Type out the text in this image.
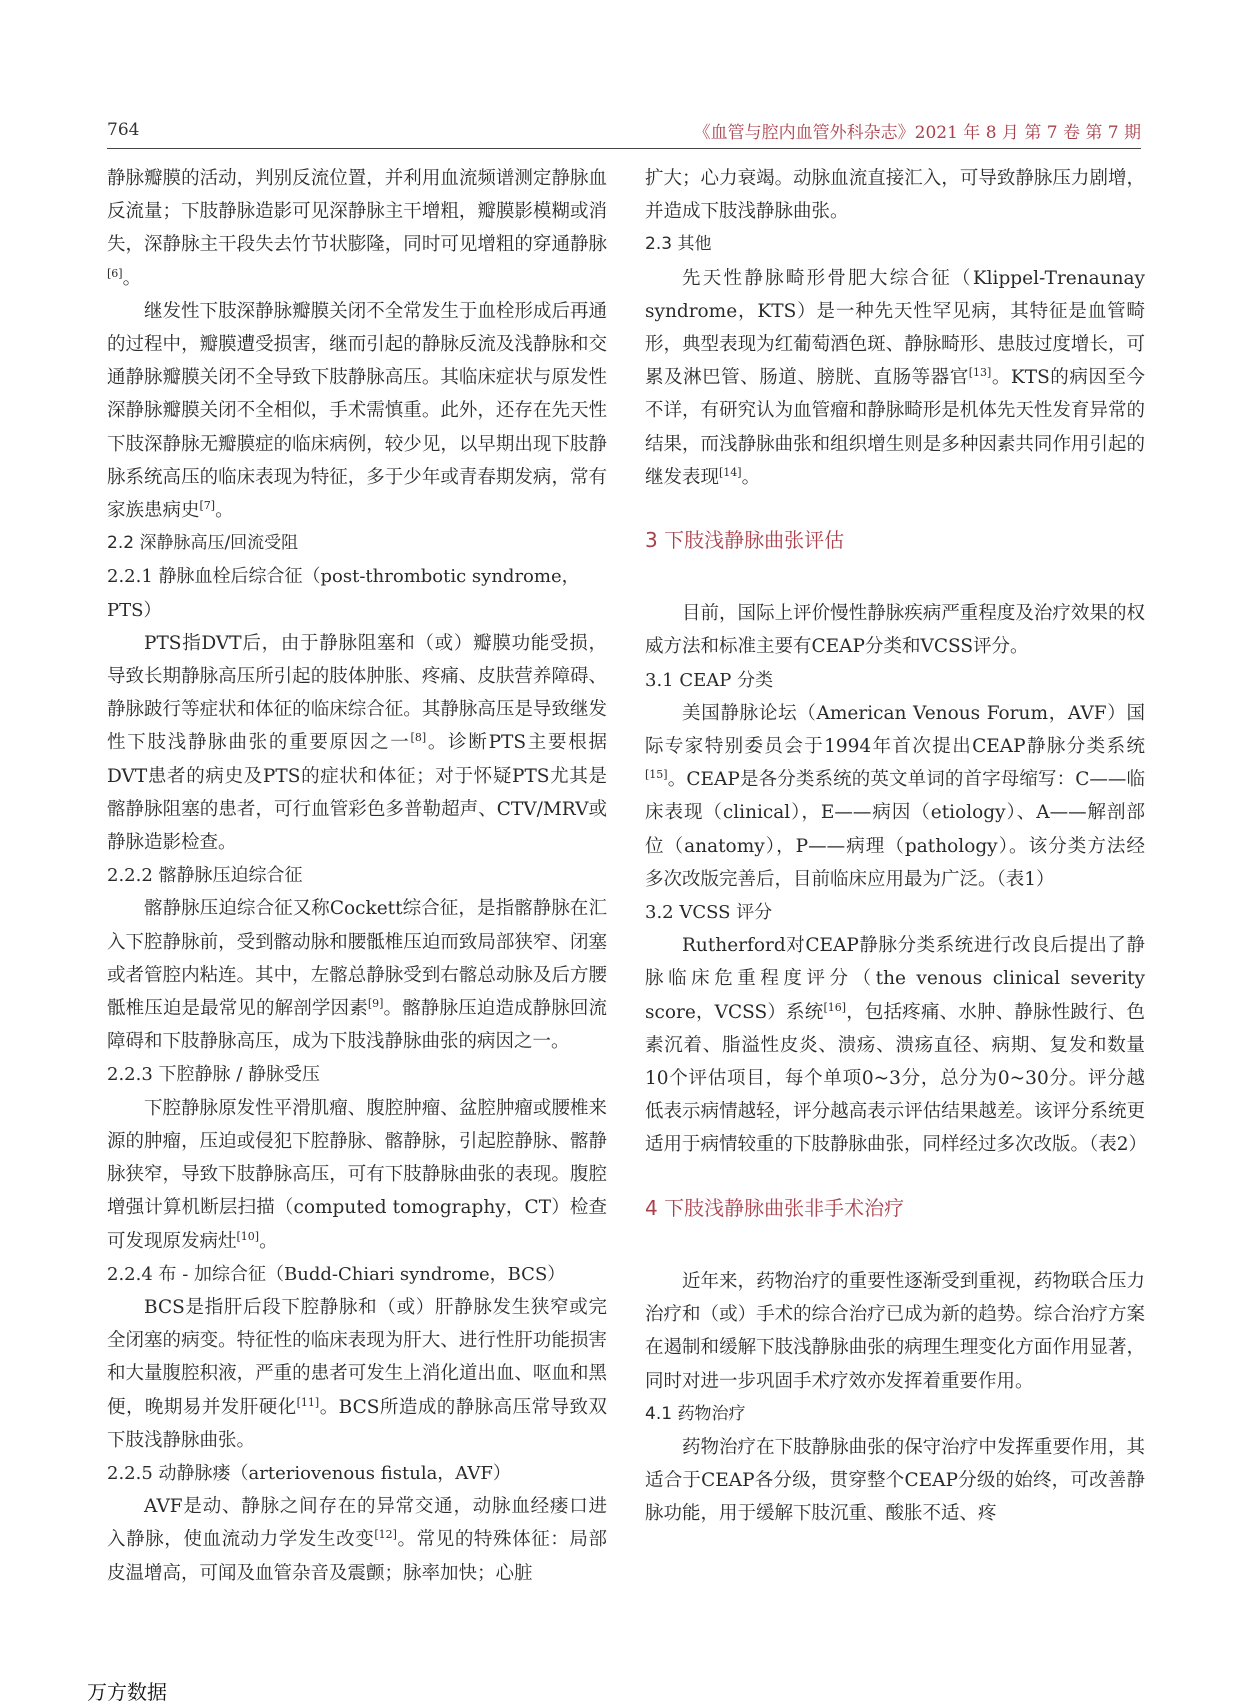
764	《血管与腔内血管外科杂志》2021 年 8 月 第 7 卷 第 7 期

静脉瓣膜的活动，判别反流位置，并利用血流频谱测定静脉血反流量；下肢静脉造影可见深静脉主干增粗，瓣膜影模糊或消失，深静脉主干段失去竹节状膨隆，同时可见增粗的穿通静脉[6]。

继发性下肢深静脉瓣膜关闭不全常发生于血栓形成后再通的过程中，瓣膜遭受损害，继而引起的静脉反流及浅静脉和交通静脉瓣膜关闭不全导致下肢静脉高压。其临床症状与原发性深静脉瓣膜关闭不全相似，手术需慎重。此外，还存在先天性下肢深静脉无瓣膜症的临床病例，较少见，以早期出现下肢静脉系统高压的临床表现为特征，多于少年或青春期发病，常有家族患病史[7]。

2.2 深静脉高压/回流受阻
2.2.1 静脉血栓后综合征（post-thrombotic syndrome，PTS）

PTS指DVT后，由于静脉阻塞和（或）瓣膜功能受损，导致长期静脉高压所引起的肢体肿胀、疼痛、皮肤营养障碍、静脉跛行等症状和体征的临床综合征。其静脉高压是导致继发性下肢浅静脉曲张的重要原因之一[8]。诊断PTS主要根据DVT患者的病史及PTS的症状和体征；对于怀疑PTS尤其是髂静脉阻塞的患者，可行血管彩色多普勒超声、CTV/MRV或静脉造影检查。

2.2.2 髂静脉压迫综合征

髂静脉压迫综合征又称Cockett综合征，是指髂静脉在汇入下腔静脉前，受到髂动脉和腰骶椎压迫而致局部狭窄、闭塞或者管腔内粘连。其中，左髂总静脉受到右髂总动脉及后方腰骶椎压迫是最常见的解剖学因素[9]。髂静脉压迫造成静脉回流障碍和下肢静脉高压，成为下肢浅静脉曲张的病因之一。

2.2.3 下腔静脉 / 静脉受压

下腔静脉原发性平滑肌瘤、腹腔肿瘤、盆腔肿瘤或腰椎来源的肿瘤，压迫或侵犯下腔静脉、髂静脉，引起腔静脉、髂静脉狭窄，导致下肢静脉高压，可有下肢静脉曲张的表现。腹腔增强计算机断层扫描（computed tomography，CT）检查可发现原发病灶[10]。

2.2.4 布 - 加综合征（Budd-Chiari syndrome，BCS）

BCS是指肝后段下腔静脉和（或）肝静脉发生狭窄或完全闭塞的病变。特征性的临床表现为肝大、进行性肝功能损害和大量腹腔积液，严重的患者可发生上消化道出血、呕血和黑便，晚期易并发肝硬化[11]。BCS所造成的静脉高压常导致双下肢浅静脉曲张。

2.2.5 动静脉瘘（arteriovenous fistula，AVF）

AVF是动、静脉之间存在的异常交通，动脉血经瘘口进入静脉，使血流动力学发生改变[12]。常见的特殊体征：局部皮温增高，可闻及血管杂音及震颤；脉率加快；心脏

扩大；心力衰竭。动脉血流直接汇入，可导致静脉压力剧增，并造成下肢浅静脉曲张。

2.3 其他

先天性静脉畸形骨肥大综合征（Klippel-Trenaunay syndrome，KTS）是一种先天性罕见病，其特征是血管畸形，典型表现为红葡萄酒色斑、静脉畸形、患肢过度增长，可累及淋巴管、肠道、膀胱、直肠等器官[13]。KTS的病因至今不详，有研究认为血管瘤和静脉畸形是机体先天性发育异常的结果，而浅静脉曲张和组织增生则是多种因素共同作用引起的继发表现[14]。

3 下肢浅静脉曲张评估

目前，国际上评价慢性静脉疾病严重程度及治疗效果的权威方法和标准主要有CEAP分类和VCSS评分。

3.1 CEAP 分类

美国静脉论坛（American Venous Forum，AVF）国际专家特别委员会于1994年首次提出CEAP静脉分类系统[15]。CEAP是各分类系统的英文单词的首字母缩写：C——临床表现（clinical），E——病因（etiology）、A——解剖部位（anatomy），P——病理（pathology）。该分类方法经多次改版完善后，目前临床应用最为广泛。（表1）

3.2 VCSS 评分

Rutherford对CEAP静脉分类系统进行改良后提出了静脉临床危重程度评分（the venous clinical severity score，VCSS）系统[16]，包括疼痛、水肿、静脉性跛行、色素沉着、脂溢性皮炎、溃疡、溃疡直径、病期、复发和数量10个评估项目，每个单项0~3分，总分为0~30分。评分越低表示病情越轻，评分越高表示评估结果越差。该评分系统更适用于病情较重的下肢静脉曲张，同样经过多次改版。（表2）

4 下肢浅静脉曲张非手术治疗

近年来，药物治疗的重要性逐渐受到重视，药物联合压力治疗和（或）手术的综合治疗已成为新的趋势。综合治疗方案在遏制和缓解下肢浅静脉曲张的病理生理变化方面作用显著，同时对进一步巩固手术疗效亦发挥着重要作用。

4.1 药物治疗

药物治疗在下肢静脉曲张的保守治疗中发挥重要作用，其适合于CEAP各分级，贯穿整个CEAP分级的始终，可改善静脉功能，用于缓解下肢沉重、酸胀不适、疼

万方数据
